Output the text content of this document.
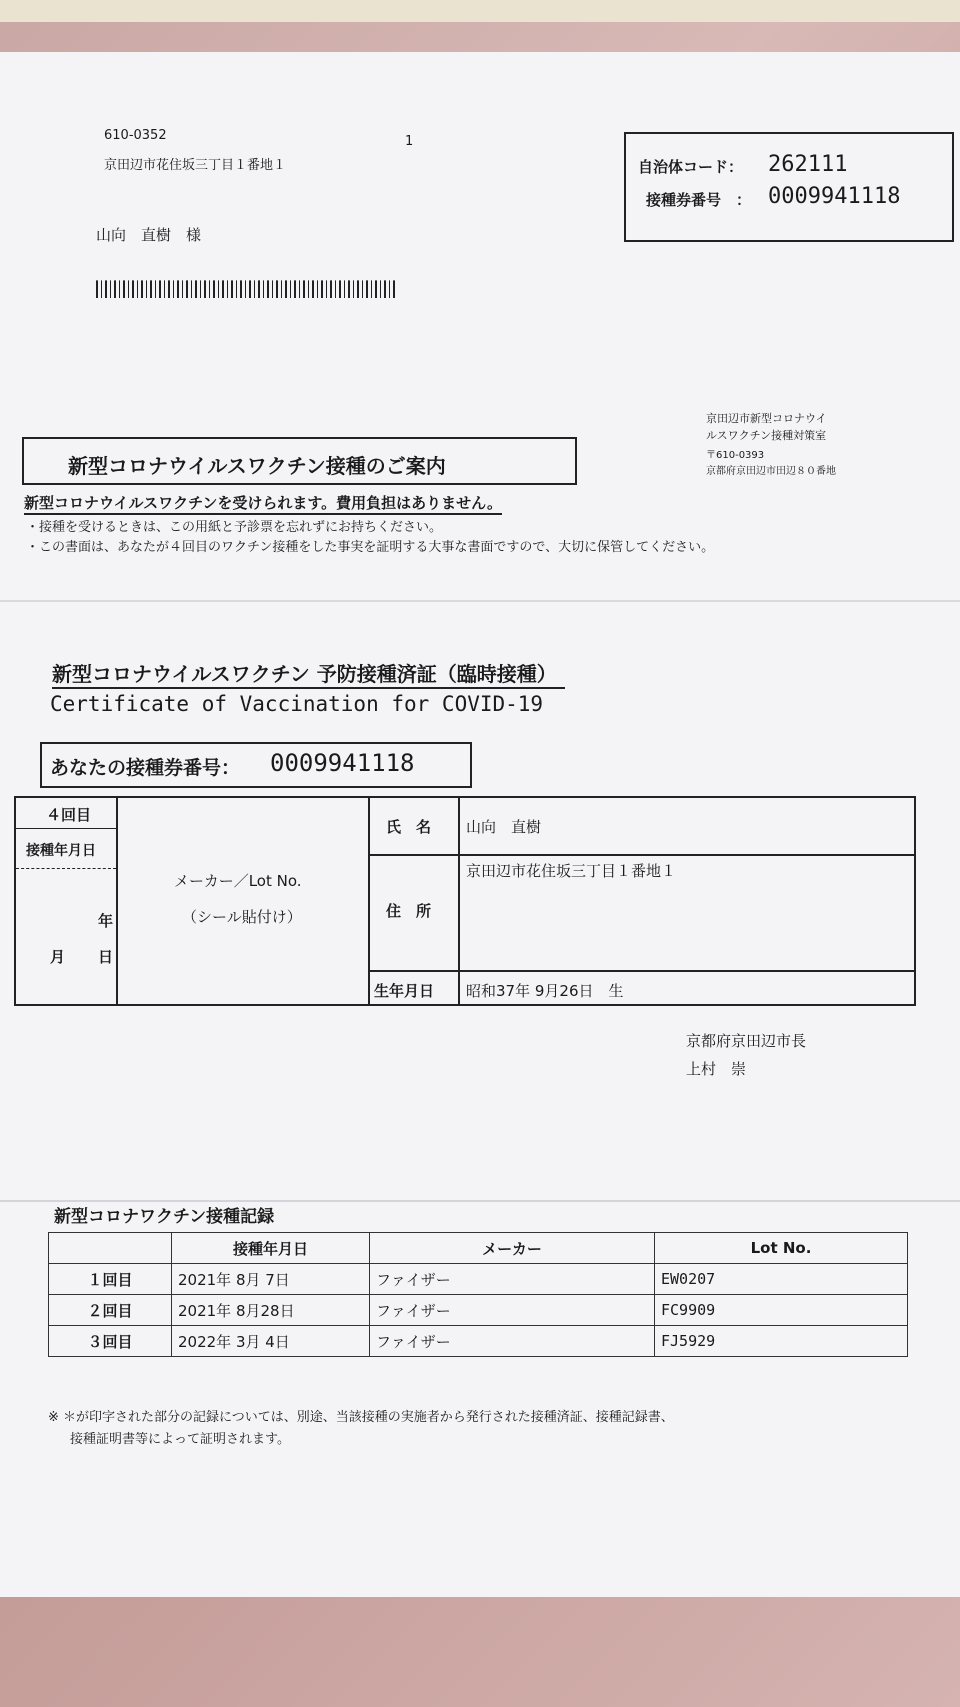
610-0352
京田辺市花住坂三丁目１番地１
1
山向　直樹　様
自治体コード： 262111
接種券番号　： 0009941118
京田辺市新型コロナウイ
ルスワクチン接種対策室
〒610-0393
京都府京田辺市田辺８０番地
新型コロナウイルスワクチン接種のご案内
新型コロナウイルスワクチンを受けられます。費用負担はありません。
・接種を受けるときは、この用紙と予診票を忘れずにお持ちください。
・この書面は、あなたが４回目のワクチン接種をした事実を証明する大事な書面ですので、大切に保管してください。
新型コロナウイルスワクチン 予防接種済証（臨時接種）
Certificate of Vaccination for COVID-19
あなたの接種券番号： 0009941118
４回目
接種年月日
年
月 日
メーカー／Lot No.
（シール貼付け）
氏　名 山向　直樹
住　所
京田辺市花住坂三丁目１番地１
生年月日 昭和37年 9月26日　生
京都府京田辺市長
上村　崇
新型コロナワクチン接種記録
	接種年月日	メーカー	Lot No.
１回目	2021年 8月 7日	ファイザー	EW0207
２回目	2021年 8月28日	ファイザー	FC9909
３回目	2022年 3月 4日	ファイザー	FJ5929
※ ＊が印字された部分の記録については、別途、当該接種の実施者から発行された接種済証、接種記録書、
接種証明書等によって証明されます。
